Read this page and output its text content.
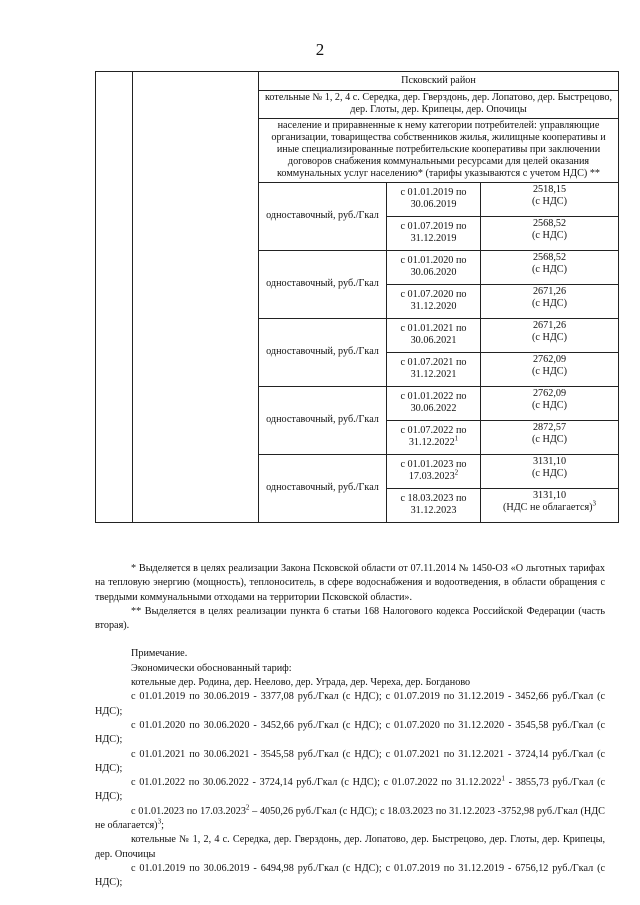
2
		Псковский район		
		котельные № 1, 2, 4 с. Середка, дер. Гверздонь, дер. Лопатово, дер. Быстрецово, дер. Глоты, дер. Крипецы, дер. Опочицы		
		население и приравненные к нему категории потребителей: управляющие организации, товарищества собственников жилья, жилищные кооперативы и иные специализированные потребительские кооперативы при заключении договоров снабжения коммунальными ресурсами для целей оказания коммунальных услуг населению* (тарифы указываются с учетом НДС) **		
		одноставочный, руб./Гкал	с 01.01.2019 по 30.06.2019	2518,15
(с НДС)

			с 01.07.2019 по 31.12.2019	2568,52
(с НДС)

		одноставочный, руб./Гкал	с 01.01.2020 по 30.06.2020	2568,52
(с НДС)

			с 01.07.2020 по 31.12.2020	2671,26
(с НДС)

		одноставочный, руб./Гкал	с 01.01.2021 по 30.06.2021	2671,26
(с НДС)

			с 01.07.2021 по 31.12.2021	2762,09
(с НДС)

		одноставочный, руб./Гкал	с 01.01.2022 по 30.06.2022	2762,09
(с НДС)

			с 01.07.2022 по 31.12.2022$^1$	2872,57
(с НДС)

		одноставочный, руб./Гкал	с 01.01.2023 по 17.03.2023$^2$	3131,10
(с НДС)

			с 18.03.2023 по 31.12.2023	3131,10
(НДС не облагается)$^3$

* Выделяется в целях реализации Закона Псковской области от 07.11.2014 № 1450-ОЗ «О льготных тарифах на тепловую энергию (мощность), теплоноситель, в сфере водоснабжения и водоотведения, в области обращения с твердыми коммунальными отходами на территории Псковской области».

** Выделяется в целях реализации пункта 6 статьи 168 Налогового кодекса Российской Федерации (часть вторая).

Примечание.

Экономически обоснованный тариф:

котельные дер. Родина, дер. Неелово, дер. Уграда, дер. Череха, дер. Богданово

с 01.01.2019 по 30.06.2019 - 3377,08 руб./Гкал (с НДС); с 01.07.2019 по 31.12.2019 - 3452,66 руб./Гкал (с НДС);

с 01.01.2020 по 30.06.2020 - 3452,66 руб./Гкал (с НДС); с 01.07.2020 по 31.12.2020 - 3545,58 руб./Гкал (с НДС);

с 01.01.2021 по 30.06.2021 - 3545,58 руб./Гкал (с НДС); с 01.07.2021 по 31.12.2021 - 3724,14 руб./Гкал (с НДС);

с 01.01.2022 по 30.06.2022 - 3724,14 руб./Гкал (с НДС); с 01.07.2022 по 31.12.2022$^1$ - 3855,73 руб./Гкал (с НДС);

с 01.01.2023 по 17.03.2023$^2$ – 4050,26 руб./Гкал (с НДС); с 18.03.2023 по 31.12.2023 -3752,98 руб./Гкал (НДС не облагается)$^3$;

котельные № 1, 2, 4 с. Середка, дер. Гверздонь, дер. Лопатово, дер. Быстрецово, дер. Глоты, дер. Крипецы, дер. Опочицы

с 01.01.2019 по 30.06.2019 - 6494,98 руб./Гкал (с НДС); с 01.07.2019 по 31.12.2019 - 6756,12 руб./Гкал (с НДС);
